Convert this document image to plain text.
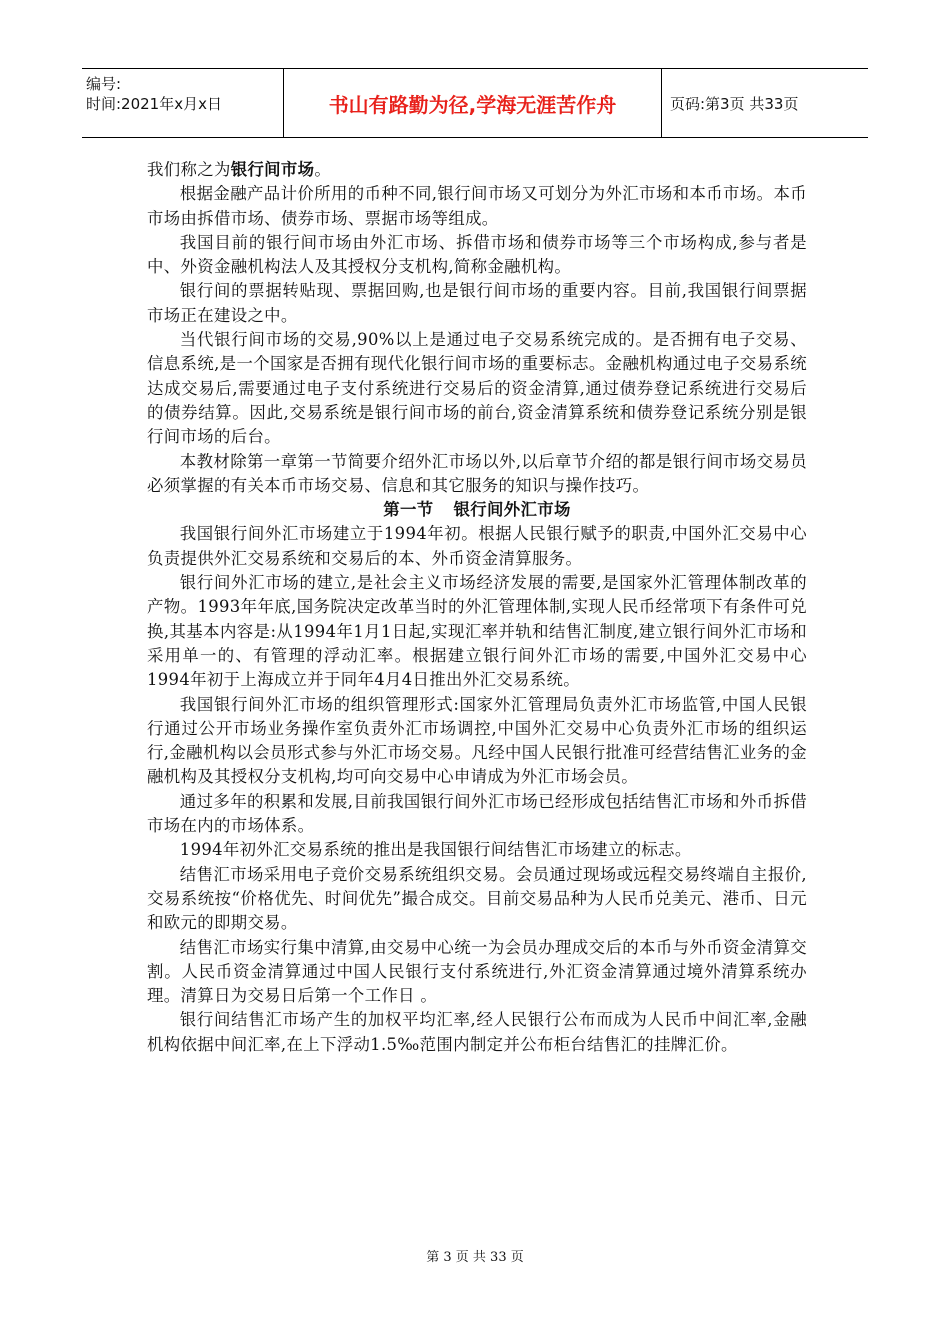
编号:
时间:2021年x月x日	书山有路勤为径,学海无涯苦作舟	页码:第3页 共33页

我们称之为银行间市场。

根据金融产品计价所用的币种不同,银行间市场又可划分为外汇市场和本币市场。本币市场由拆借市场、债券市场、票据市场等组成。

我国目前的银行间市场由外汇市场、拆借市场和债券市场等三个市场构成,参与者是中、外资金融机构法人及其授权分支机构,简称金融机构。

银行间的票据转贴现、票据回购,也是银行间市场的重要内容。目前,我国银行间票据市场正在建设之中。

当代银行间市场的交易,90%以上是通过电子交易系统完成的。是否拥有电子交易、信息系统,是一个国家是否拥有现代化银行间市场的重要标志。金融机构通过电子交易系统达成交易后,需要通过电子支付系统进行交易后的资金清算,通过债券登记系统进行交易后的债券结算。因此,交易系统是银行间市场的前台,资金清算系统和债券登记系统分别是银行间市场的后台。

本教材除第一章第一节简要介绍外汇市场以外,以后章节介绍的都是银行间市场交易员必须掌握的有关本币市场交易、信息和其它服务的知识与操作技巧。

第一节 银行间外汇市场

我国银行间外汇市场建立于1994年初。根据人民银行赋予的职责,中国外汇交易中心负责提供外汇交易系统和交易后的本、外币资金清算服务。

银行间外汇市场的建立,是社会主义市场经济发展的需要,是国家外汇管理体制改革的产物。1993年年底,国务院决定改革当时的外汇管理体制,实现人民币经常项下有条件可兑换,其基本内容是:从1994年1月1日起,实现汇率并轨和结售汇制度,建立银行间外汇市场和采用单一的、有管理的浮动汇率。根据建立银行间外汇市场的需要,中国外汇交易中心1994年初于上海成立并于同年4月4日推出外汇交易系统。

我国银行间外汇市场的组织管理形式:国家外汇管理局负责外汇市场监管,中国人民银行通过公开市场业务操作室负责外汇市场调控,中国外汇交易中心负责外汇市场的组织运行,金融机构以会员形式参与外汇市场交易。凡经中国人民银行批准可经营结售汇业务的金融机构及其授权分支机构,均可向交易中心申请成为外汇市场会员。

通过多年的积累和发展,目前我国银行间外汇市场已经形成包括结售汇市场和外币拆借市场在内的市场体系。

1994年初外汇交易系统的推出是我国银行间结售汇市场建立的标志。

结售汇市场采用电子竞价交易系统组织交易。会员通过现场或远程交易终端自主报价,交易系统按“价格优先、时间优先”撮合成交。目前交易品种为人民币兑美元、港币、日元和欧元的即期交易。

结售汇市场实行集中清算,由交易中心统一为会员办理成交后的本币与外币资金清算交割。人民币资金清算通过中国人民银行支付系统进行,外汇资金清算通过境外清算系统办理。清算日为交易日后第一个工作日 。

银行间结售汇市场产生的加权平均汇率,经人民银行公布而成为人民币中间汇率,金融机构依据中间汇率,在上下浮动1.5‰范围内制定并公布柜台结售汇的挂牌汇价。

第 3 页 共 33 页
